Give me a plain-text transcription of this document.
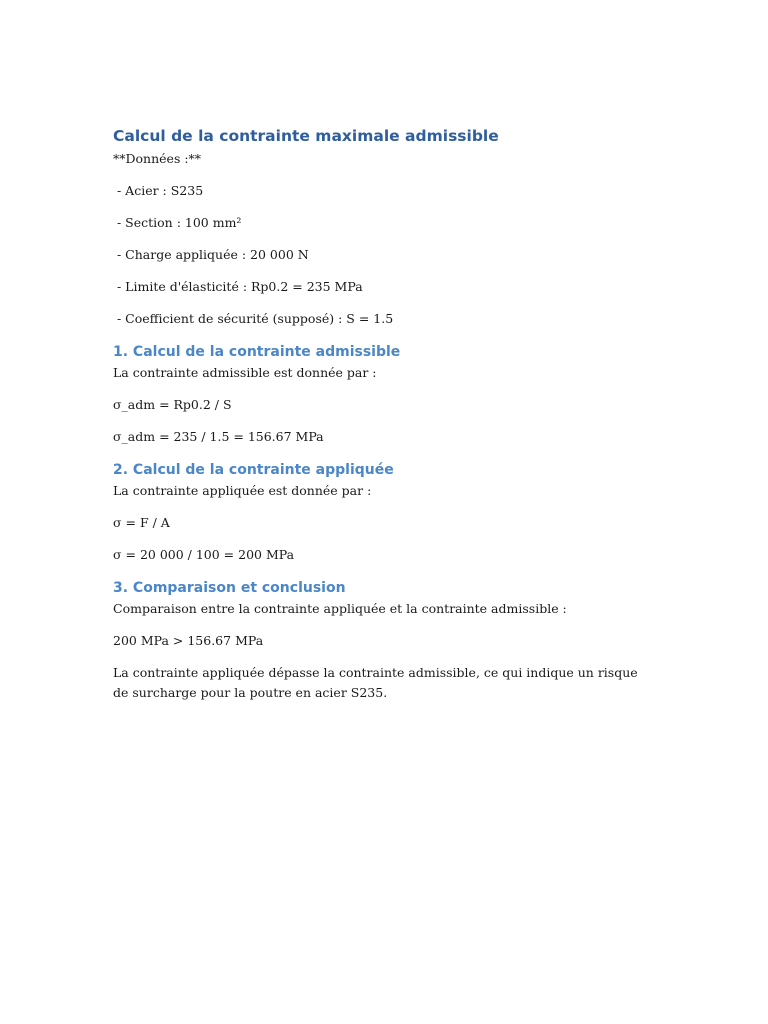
Calcul de la contrainte maximale admissible

**Données :**

- Acier : S235

- Section : 100 mm²

- Charge appliquée : 20 000 N

- Limite d'élasticité : Rp0.2 = 235 MPa

- Coefficient de sécurité (supposé) : S = 1.5

1. Calcul de la contrainte admissible

La contrainte admissible est donnée par :

σ_adm = Rp0.2 / S

σ_adm = 235 / 1.5 = 156.67 MPa

2. Calcul de la contrainte appliquée

La contrainte appliquée est donnée par :

σ = F / A

σ = 20 000 / 100 = 200 MPa

3. Comparaison et conclusion

Comparaison entre la contrainte appliquée et la contrainte admissible :

200 MPa > 156.67 MPa

La contrainte appliquée dépasse la contrainte admissible, ce qui indique un risque de surcharge pour la poutre en acier S235.
